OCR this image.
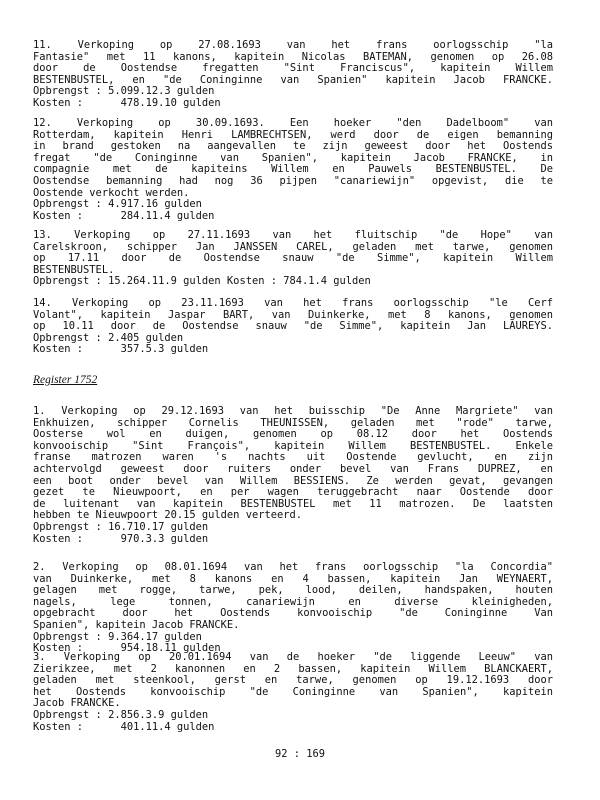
11. Verkoping op 27.08.1693 van het frans oorlogsschip "la
Fantasie" met 11 kanons, kapitein Nicolas BATEMAN, genomen op 26.08
door de Oostendse fregatten "Sint Franciscus", kapitein Willem
BESTENBUSTEL, en "de Coninginne van Spanien" kapitein Jacob FRANCKE.
Opbrengst : 5.099.12.3 gulden
Kosten :      478.19.10 gulden
12. Verkoping op 30.09.1693. Een hoeker "den Dadelboom" van
Rotterdam, kapitein Henri LAMBRECHTSEN, werd door de eigen bemanning
in brand gestoken na aangevallen te zijn geweest door het Oostends
fregat "de Coninginne van Spanien", kapitein Jacob FRANCKE, in
compagnie met de kapiteins Willem en Pauwels BESTENBUSTEL. De
Oostendse bemanning had nog 36 pijpen "canariewijn" opgevist, die te
Oostende verkocht werden.
Opbrengst : 4.917.16 gulden
Kosten :      284.11.4 gulden
13. Verkoping op 27.11.1693 van het fluitschip "de Hope" van
Carelskroon, schipper Jan JANSSEN CAREL, geladen met tarwe, genomen
op 17.11 door de Oostendse snauw "de Simme", kapitein Willem
BESTENBUSTEL.
Opbrengst : 15.264.11.9 gulden Kosten : 784.1.4 gulden
14. Verkoping op 23.11.1693 van het frans oorlogsschip "le Cerf
Volant", kapitein Jaspar BART, van Duinkerke, met 8 kanons, genomen
op 10.11 door de Oostendse snauw "de Simme", kapitein Jan LAUREYS.
Opbrengst : 2.405 gulden
Kosten :      357.5.3 gulden
Register 1752
1. Verkoping op 29.12.1693 van het buisschip "De Anne Margriete" van
Enkhuizen, schipper Cornelis THEUNISSEN, geladen met "rode" tarwe,
Oosterse wol en duigen, genomen op 08.12 door het Oostends
konvooischip "Sint François", kapitein Willem BESTENBUSTEL. Enkele
franse matrozen waren 's nachts uit Oostende gevlucht, en zijn
achtervolgd geweest door ruiters onder bevel van Frans DUPREZ, en
een boot onder bevel van Willem BESSIENS. Ze werden gevat, gevangen
gezet te Nieuwpoort, en per wagen teruggebracht naar Oostende door
de luitenant van kapitein BESTENBUSTEL met 11 matrozen. De laatsten
hebben te Nieuwpoort 20.15 gulden verteerd.
Opbrengst : 16.710.17 gulden
Kosten :      970.3.3 gulden
2. Verkoping op 08.01.1694 van het frans oorlogsschip "la Concordia"
van Duinkerke, met 8 kanons en 4 bassen, kapitein Jan WEYNAERT,
gelagen met rogge, tarwe, pek, lood, deilen, handspaken, houten
nagels, lege tonnen, canariewijn en diverse kleinigheden,
opgebracht door het Oostends konvooischip "de Coninginne Van
Spanien", kapitein Jacob FRANCKE.
Opbrengst : 9.364.17 gulden
Kosten :      954.18.11 gulden
3. Verkoping op 20.01.1694 van de hoeker "de liggende Leeuw" van
Zierikzee, met 2 kanonnen en 2 bassen, kapitein Willem BLANCKAERT,
geladen met steenkool, gerst en tarwe, genomen op 19.12.1693 door
het Oostends konvooischip "de Coninginne van Spanien", kapitein
Jacob FRANCKE.
Opbrengst : 2.856.3.9 gulden
Kosten :      401.11.4 gulden
92 : 169
